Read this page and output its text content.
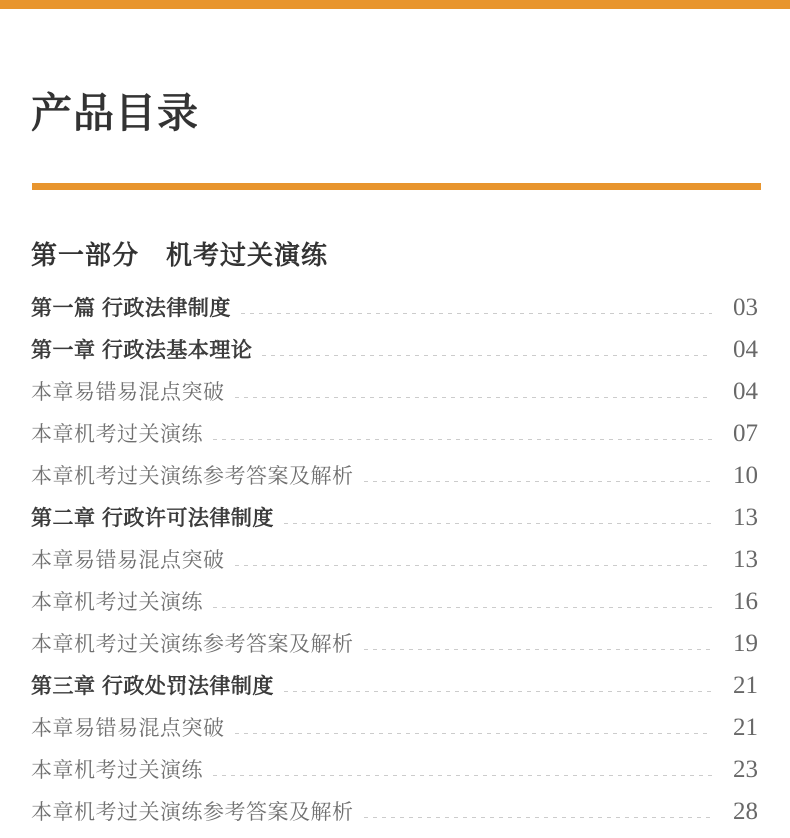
产品目录
第一部分　机考过关演练
第一篇 行政法律制度	03
第一章 行政法基本理论	04
本章易错易混点突破	04
本章机考过关演练	07
本章机考过关演练参考答案及解析	10
第二章 行政许可法律制度	13
本章易错易混点突破	13
本章机考过关演练	16
本章机考过关演练参考答案及解析	19
第三章 行政处罚法律制度	21
本章易错易混点突破	21
本章机考过关演练	23
本章机考过关演练参考答案及解析	28
